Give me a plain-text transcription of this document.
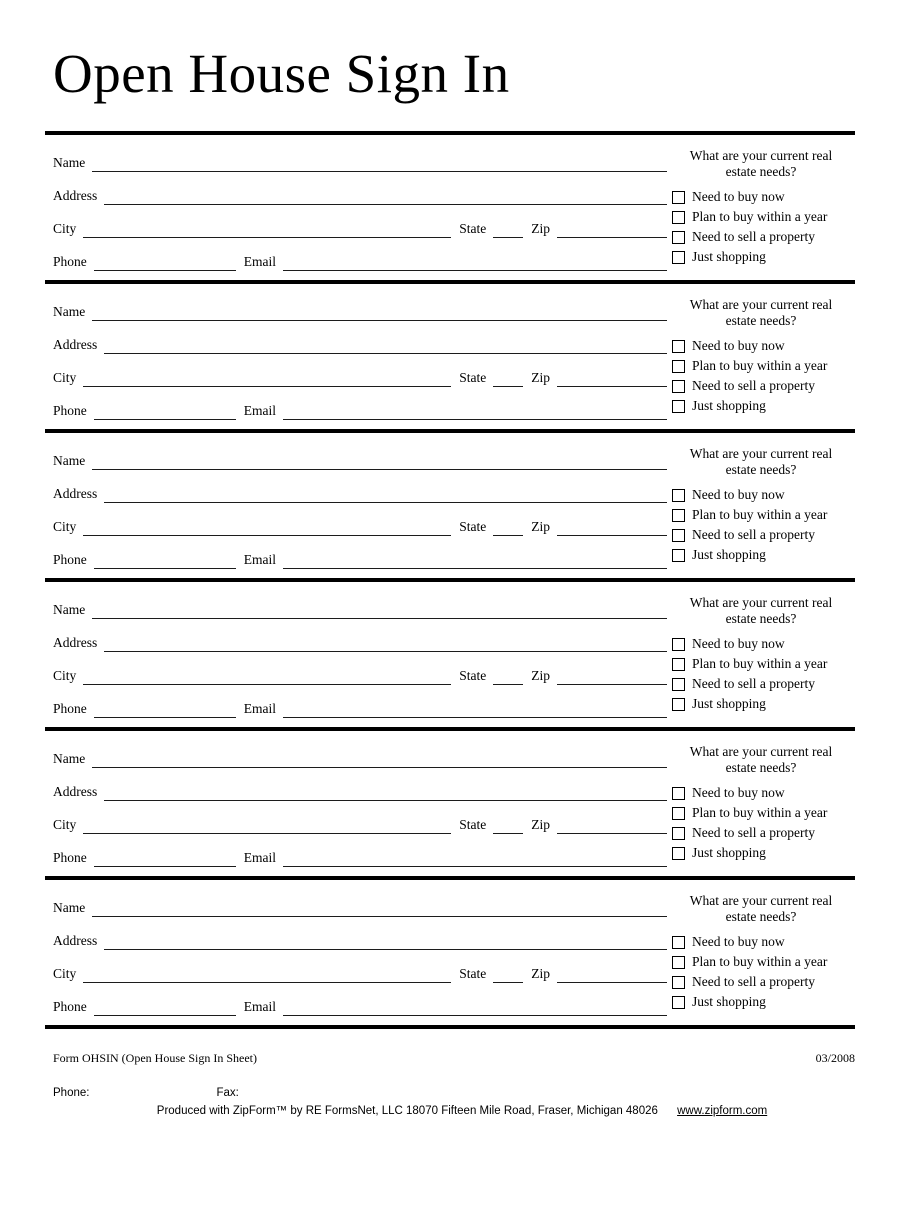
Open House Sign In
Name
Address
City	State	Zip
Phone	Email
What are your current real estate needs?
Need to buy now
Plan to buy within a year
Need to sell a property
Just shopping
Name
Address
City	State	Zip
Phone	Email
What are your current real estate needs?
Need to buy now
Plan to buy within a year
Need to sell a property
Just shopping
Name
Address
City	State	Zip
Phone	Email
What are your current real estate needs?
Need to buy now
Plan to buy within a year
Need to sell a property
Just shopping
Name
Address
City	State	Zip
Phone	Email
What are your current real estate needs?
Need to buy now
Plan to buy within a year
Need to sell a property
Just shopping
Name
Address
City	State	Zip
Phone	Email
What are your current real estate needs?
Need to buy now
Plan to buy within a year
Need to sell a property
Just shopping
Name
Address
City	State	Zip
Phone	Email
What are your current real estate needs?
Need to buy now
Plan to buy within a year
Need to sell a property
Just shopping
Form OHSIN (Open House Sign In Sheet)	03/2008
Phone:	Fax:
Produced with ZipForm™ by RE FormsNet, LLC 18070 Fifteen Mile Road, Fraser, Michigan 48026 www.zipform.com
